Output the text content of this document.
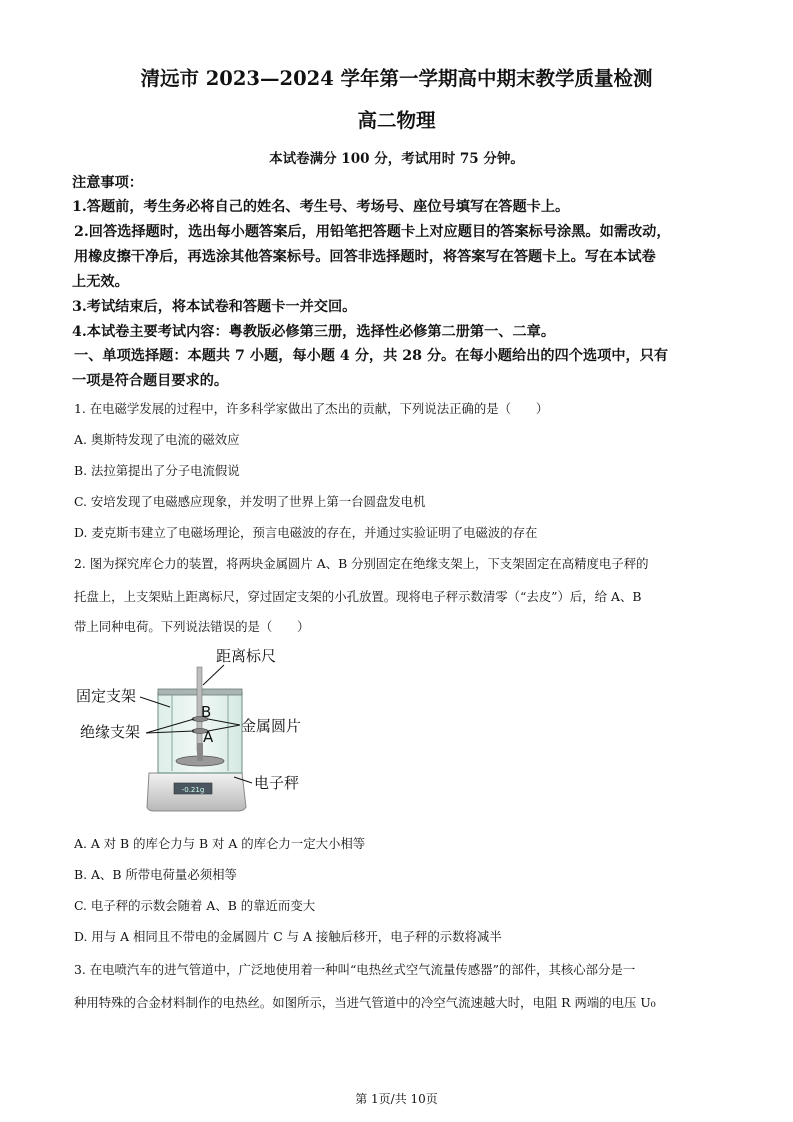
清远市 2023—2024 学年第一学期高中期末教学质量检测
高二物理
本试卷满分 100 分，考试用时 75 分钟。
注意事项：
1.答题前，考生务必将自己的姓名、考生号、考场号、座位号填写在答题卡上。
2.回答选择题时，选出每小题答案后，用铅笔把答题卡上对应题目的答案标号涂黑。如需改动，
用橡皮擦干净后，再选涂其他答案标号。回答非选择题时，将答案写在答题卡上。写在本试卷
上无效。
3.考试结束后，将本试卷和答题卡一并交回。
4.本试卷主要考试内容：粤教版必修第三册，选择性必修第二册第一、二章。
一、单项选择题：本题共 7 小题，每小题 4 分，共 28 分。在每小题给出的四个选项中，只有
一项是符合题目要求的。
1. 在电磁学发展的过程中，许多科学家做出了杰出的贡献，下列说法正确的是（　　）
A. 奥斯特发现了电流的磁效应
B. 法拉第提出了分子电流假说
C. 安培发现了电磁感应现象，并发明了世界上第一台圆盘发电机
D. 麦克斯韦建立了电磁场理论，预言电磁波的存在，并通过实验证明了电磁波的存在
2. 图为探究库仑力的装置，将两块金属圆片 A、B 分别固定在绝缘支架上，下支架固定在高精度电子秤的
托盘上，上支架贴上距离标尺，穿过固定支架的小孔放置。现将电子秤示数清零（“去皮”）后，给 A、B
带上同种电荷。下列说法错误的是（　　）
-0.21g
距离标尺
固定支架
绝缘支架
B
A
金属圆片
电子秤
A. A 对 B 的库仑力与 B 对 A 的库仑力一定大小相等
B. A、B 所带电荷量必须相等
C. 电子秤的示数会随着 A、B 的靠近而变大
D. 用与 A 相同且不带电的金属圆片 C 与 A 接触后移开，电子秤的示数将减半
3. 在电喷汽车的进气管道中，广泛地使用着一种叫“电热丝式空气流量传感器”的部件，其核心部分是一
种用特殊的合金材料制作的电热丝。如图所示，当进气管道中的冷空气流速越大时，电阻 R 两端的电压 U₀
第 1页/共 10页
